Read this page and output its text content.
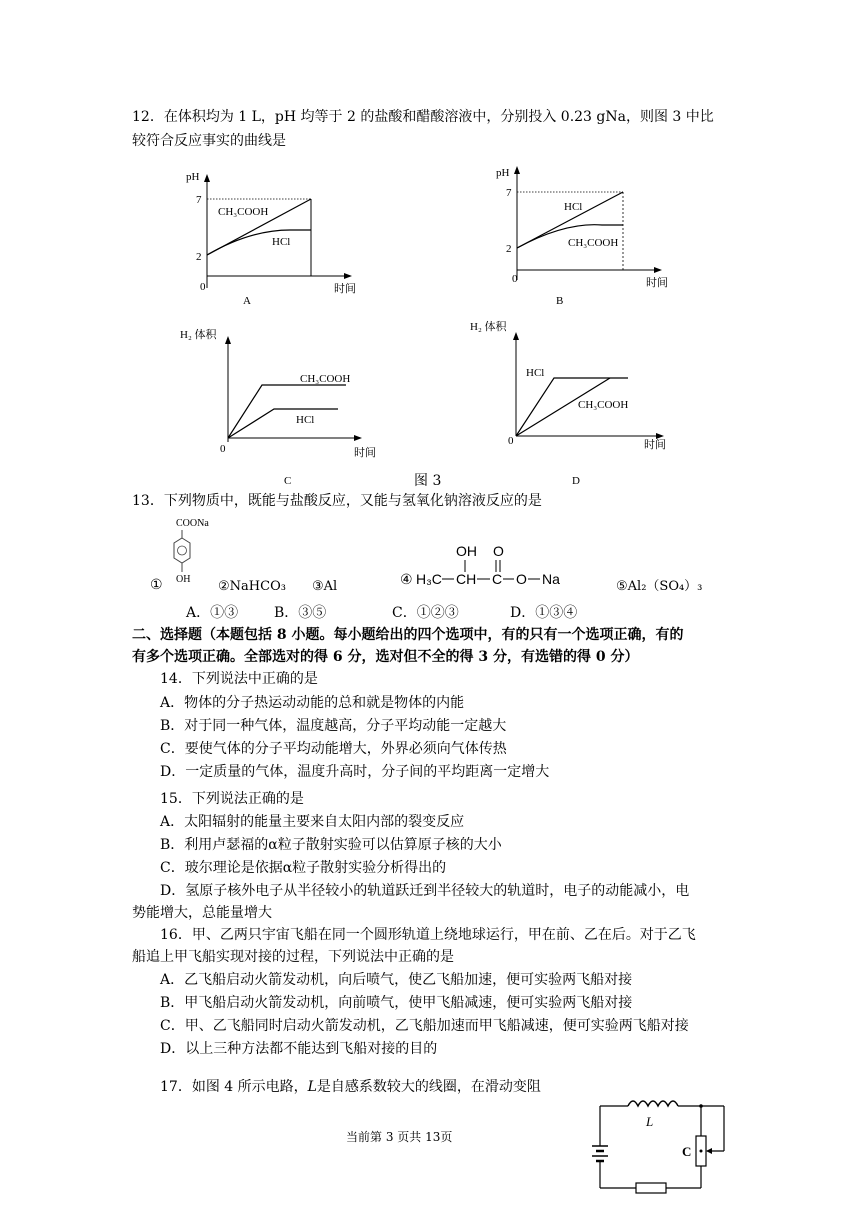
12．在体积均为 1 L，pH 均等于 2 的盐酸和醋酸溶液中，分别投入 0.23 gNa，则图 3 中比
较符合反应事实的曲线是
pH
7
2
0	时间
CH₃COOH
HCl
A
pH
7
2
0	时间
HCl
CH₃COOH
B
H₂ 体积
0	时间
CH₃COOH
HCl
C
H₂ 体积
0	时间
HCl
CH₃COOH
D
图 3
13．下列物质中，既能与盐酸反应，又能与氢氧化钠溶液反应的是
COONa
OH
①	②NaHCO₃ ③Al	④ H₃C CH
OH
C
O
O Na	⑤Al₂（SO₄）₃
A．①③	B．③⑤	C．①②③	D．①③④
二、选择题（本题包括 8 小题。每小题给出的四个选项中，有的只有一个选项正确，有的
有多个选项正确。全部选对的得 6 分，选对但不全的得 3 分，有选错的得 0 分）
14．下列说法中正确的是
A．物体的分子热运动动能的总和就是物体的内能
B．对于同一种气体，温度越高，分子平均动能一定越大
C．要使气体的分子平均动能增大，外界必须向气体传热
D．一定质量的气体，温度升高时，分子间的平均距离一定增大
15．下列说法正确的是
A．太阳辐射的能量主要来自太阳内部的裂变反应
B．利用卢瑟福的α粒子散射实验可以估算原子核的大小
C．玻尔理论是依据α粒子散射实验分析得出的
D．氢原子核外电子从半径较小的轨道跃迁到半径较大的轨道时，电子的动能减小，电
势能增大，总能量增大
16．甲、乙两只宇宙飞船在同一个圆形轨道上绕地球运行，甲在前、乙在后。对于乙飞
船追上甲飞船实现对接的过程，下列说法中正确的是
A．乙飞船启动火箭发动机，向后喷气，使乙飞船加速，便可实验两飞船对接
B．甲飞船启动火箭发动机，向前喷气，使甲飞船减速，便可实验两飞船对接
C．甲、乙飞船同时启动火箭发动机，乙飞船加速而甲飞船减速，便可实验两飞船对接
D．以上三种方法都不能达到飞船对接的目的
17．如图 4 所示电路，L是自感系数较大的线圈，在滑动变阻
L
C
当前第 3 页共 13页
